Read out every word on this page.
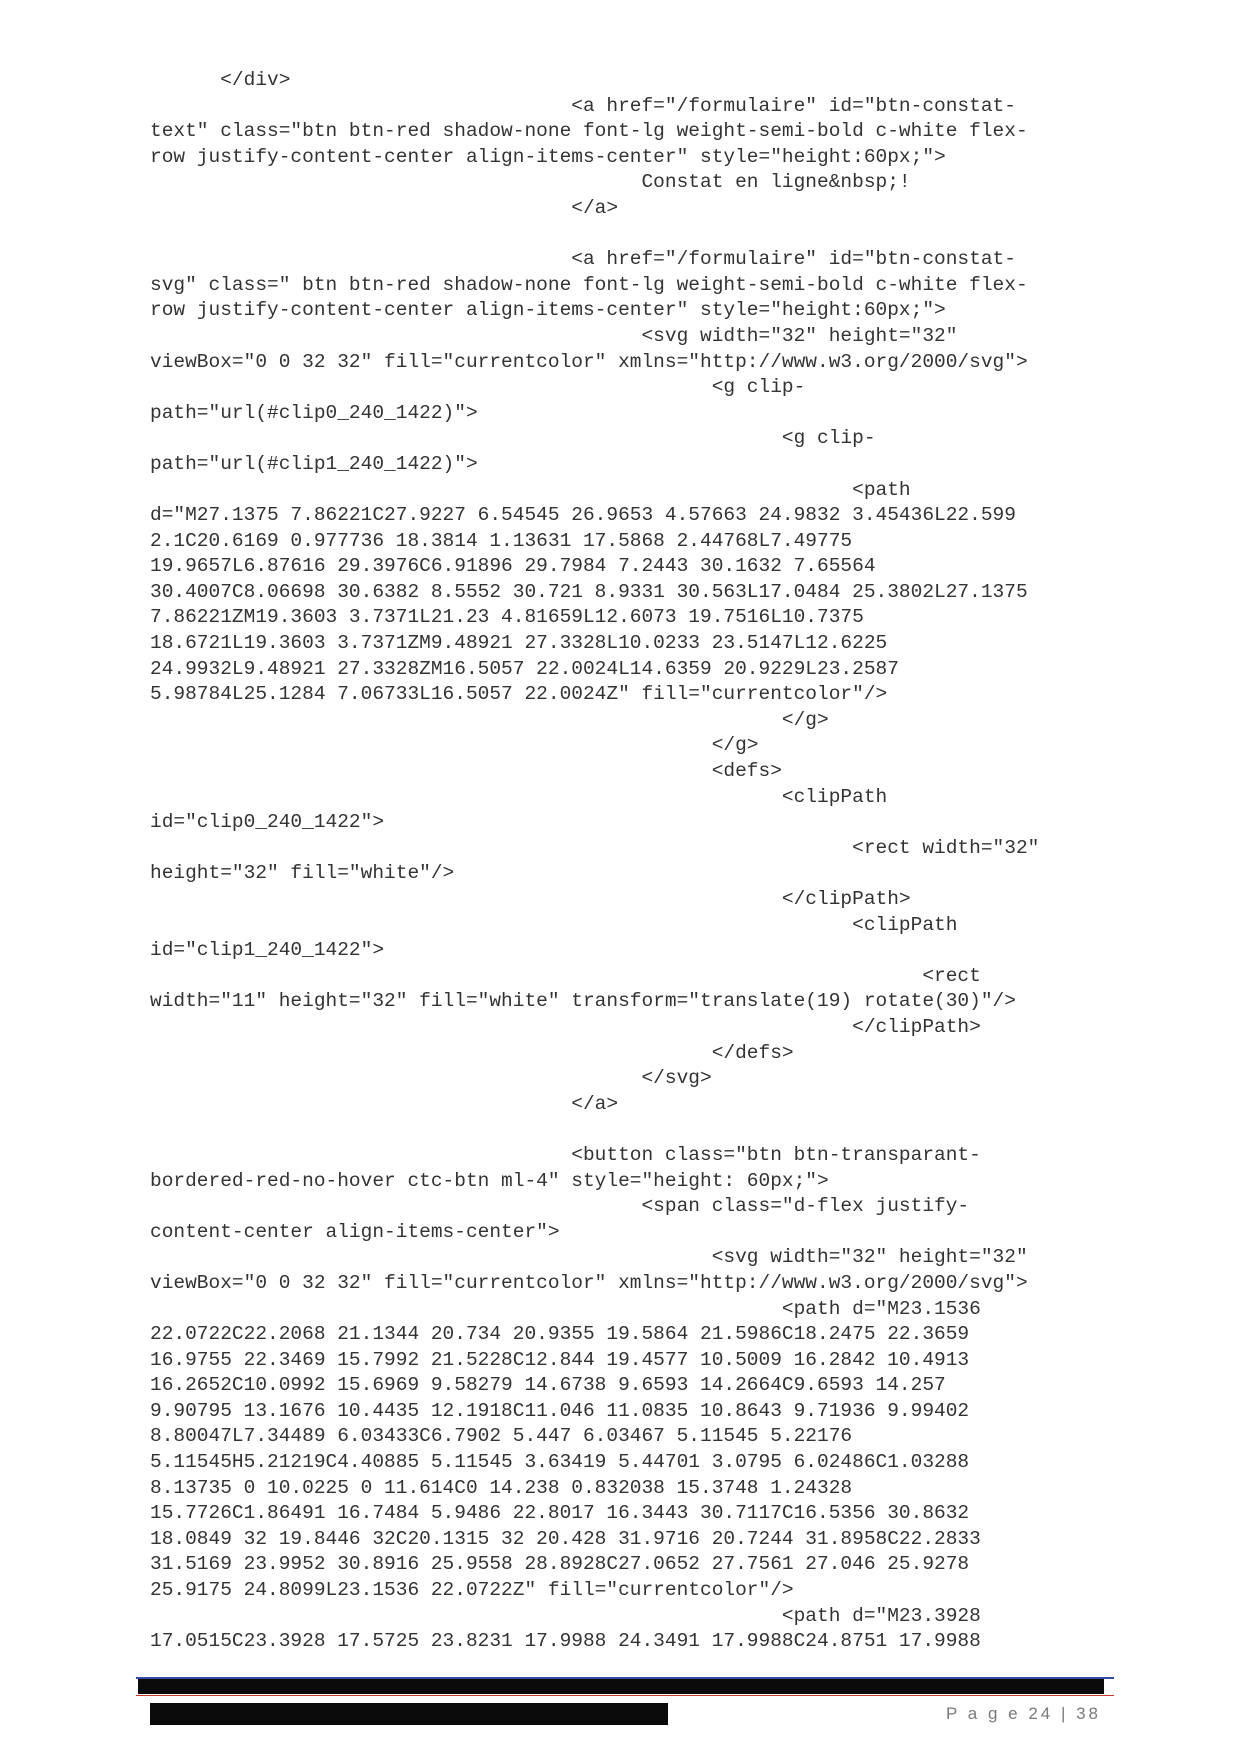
</div>
<a href="/formulaire" id="btn-constat-
text" class="btn btn-red shadow-none font-lg weight-semi-bold c-white flex-
row justify-content-center align-items-center" style="height:60px;">
Constat en ligne&nbsp;!
</a>
<a href="/formulaire" id="btn-constat-
svg" class=" btn btn-red shadow-none font-lg weight-semi-bold c-white flex-
row justify-content-center align-items-center" style="height:60px;">
<svg width="32" height="32"
viewBox="0 0 32 32" fill="currentcolor" xmlns="http://www.w3.org/2000/svg">
<g clip-
path="url(#clip0_240_1422)">
<g clip-
path="url(#clip1_240_1422)">
<path
d="M27.1375 7.86221C27.9227 6.54545 26.9653 4.57663 24.9832 3.45436L22.599
2.1C20.6169 0.977736 18.3814 1.13631 17.5868 2.44768L7.49775
19.9657L6.87616 29.3976C6.91896 29.7984 7.2443 30.1632 7.65564
30.4007C8.06698 30.6382 8.5552 30.721 8.9331 30.563L17.0484 25.3802L27.1375
7.86221ZM19.3603 3.7371L21.23 4.81659L12.6073 19.7516L10.7375
18.6721L19.3603 3.7371ZM9.48921 27.3328L10.0233 23.5147L12.6225
24.9932L9.48921 27.3328ZM16.5057 22.0024L14.6359 20.9229L23.2587
5.98784L25.1284 7.06733L16.5057 22.0024Z" fill="currentcolor"/>
</g>
</g>
<defs>
<clipPath
id="clip0_240_1422">
<rect width="32"
height="32" fill="white"/>
</clipPath>
<clipPath
id="clip1_240_1422">
<rect
width="11" height="32" fill="white" transform="translate(19) rotate(30)"/>
</clipPath>
</defs>
</svg>
</a>
<button class="btn btn-transparant-
bordered-red-no-hover ctc-btn ml-4" style="height: 60px;">
<span class="d-flex justify-
content-center align-items-center">
<svg width="32" height="32"
viewBox="0 0 32 32" fill="currentcolor" xmlns="http://www.w3.org/2000/svg">
<path d="M23.1536
22.0722C22.2068 21.1344 20.734 20.9355 19.5864 21.5986C18.2475 22.3659
16.9755 22.3469 15.7992 21.5228C12.844 19.4577 10.5009 16.2842 10.4913
16.2652C10.0992 15.6969 9.58279 14.6738 9.6593 14.2664C9.6593 14.257
9.90795 13.1676 10.4435 12.1918C11.046 11.0835 10.8643 9.71936 9.99402
8.80047L7.34489 6.03433C6.7902 5.447 6.03467 5.11545 5.22176
5.11545H5.21219C4.40885 5.11545 3.63419 5.44701 3.0795 6.02486C1.03288
8.13735 0 10.0225 0 11.614C0 14.238 0.832038 15.3748 1.24328
15.7726C1.86491 16.7484 5.9486 22.8017 16.3443 30.7117C16.5356 30.8632
18.0849 32 19.8446 32C20.1315 32 20.428 31.9716 20.7244 31.8958C22.2833
31.5169 23.9952 30.8916 25.9558 28.8928C27.0652 27.7561 27.046 25.9278
25.9175 24.8099L23.1536 22.0722Z" fill="currentcolor"/>
<path d="M23.3928
17.0515C23.3928 17.5725 23.8231 17.9988 24.3491 17.9988C24.8751 17.9988
P a g e 24 | 38
